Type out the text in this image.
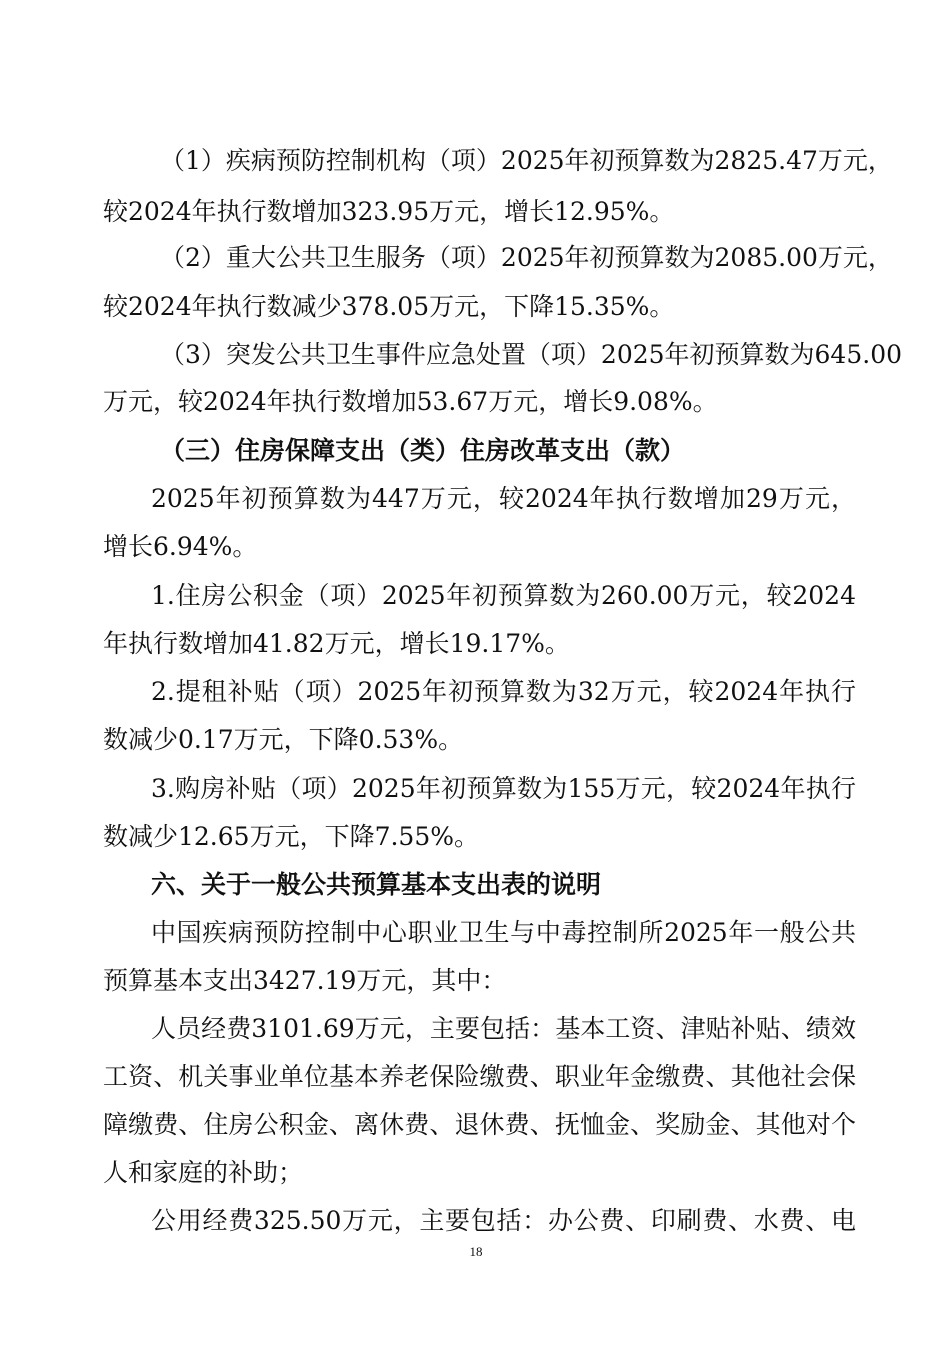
（1）疾病预防控制机构（项）2025年初预算数为2825.47万元，

较2024年执行数增加323.95万元，增长12.95%。

（2）重大公共卫生服务（项）2025年初预算数为2085.00万元，

较2024年执行数减少378.05万元，下降15.35%。

（3）突发公共卫生事件应急处置（项）2025年初预算数为645.00

万元，较2024年执行数增加53.67万元，增长9.08%。

（三）住房保障支出（类）住房改革支出（款）

2025年初预算数为447万元，较2024年执行数增加29万元，

增长6.94%。

1.住房公积金（项）2025年初预算数为260.00万元，较2024

年执行数增加41.82万元，增长19.17%。

2.提租补贴（项）2025年初预算数为32万元，较2024年执行

数减少0.17万元，下降0.53%。

3.购房补贴（项）2025年初预算数为155万元，较2024年执行

数减少12.65万元，下降7.55%。

六、关于一般公共预算基本支出表的说明

中国疾病预防控制中心职业卫生与中毒控制所2025年一般公共

预算基本支出3427.19万元，其中：

人员经费3101.69万元，主要包括：基本工资、津贴补贴、绩效

工资、机关事业单位基本养老保险缴费、职业年金缴费、其他社会保

障缴费、住房公积金、离休费、退休费、抚恤金、奖励金、其他对个

人和家庭的补助；

公用经费325.50万元，主要包括：办公费、印刷费、水费、电

18
